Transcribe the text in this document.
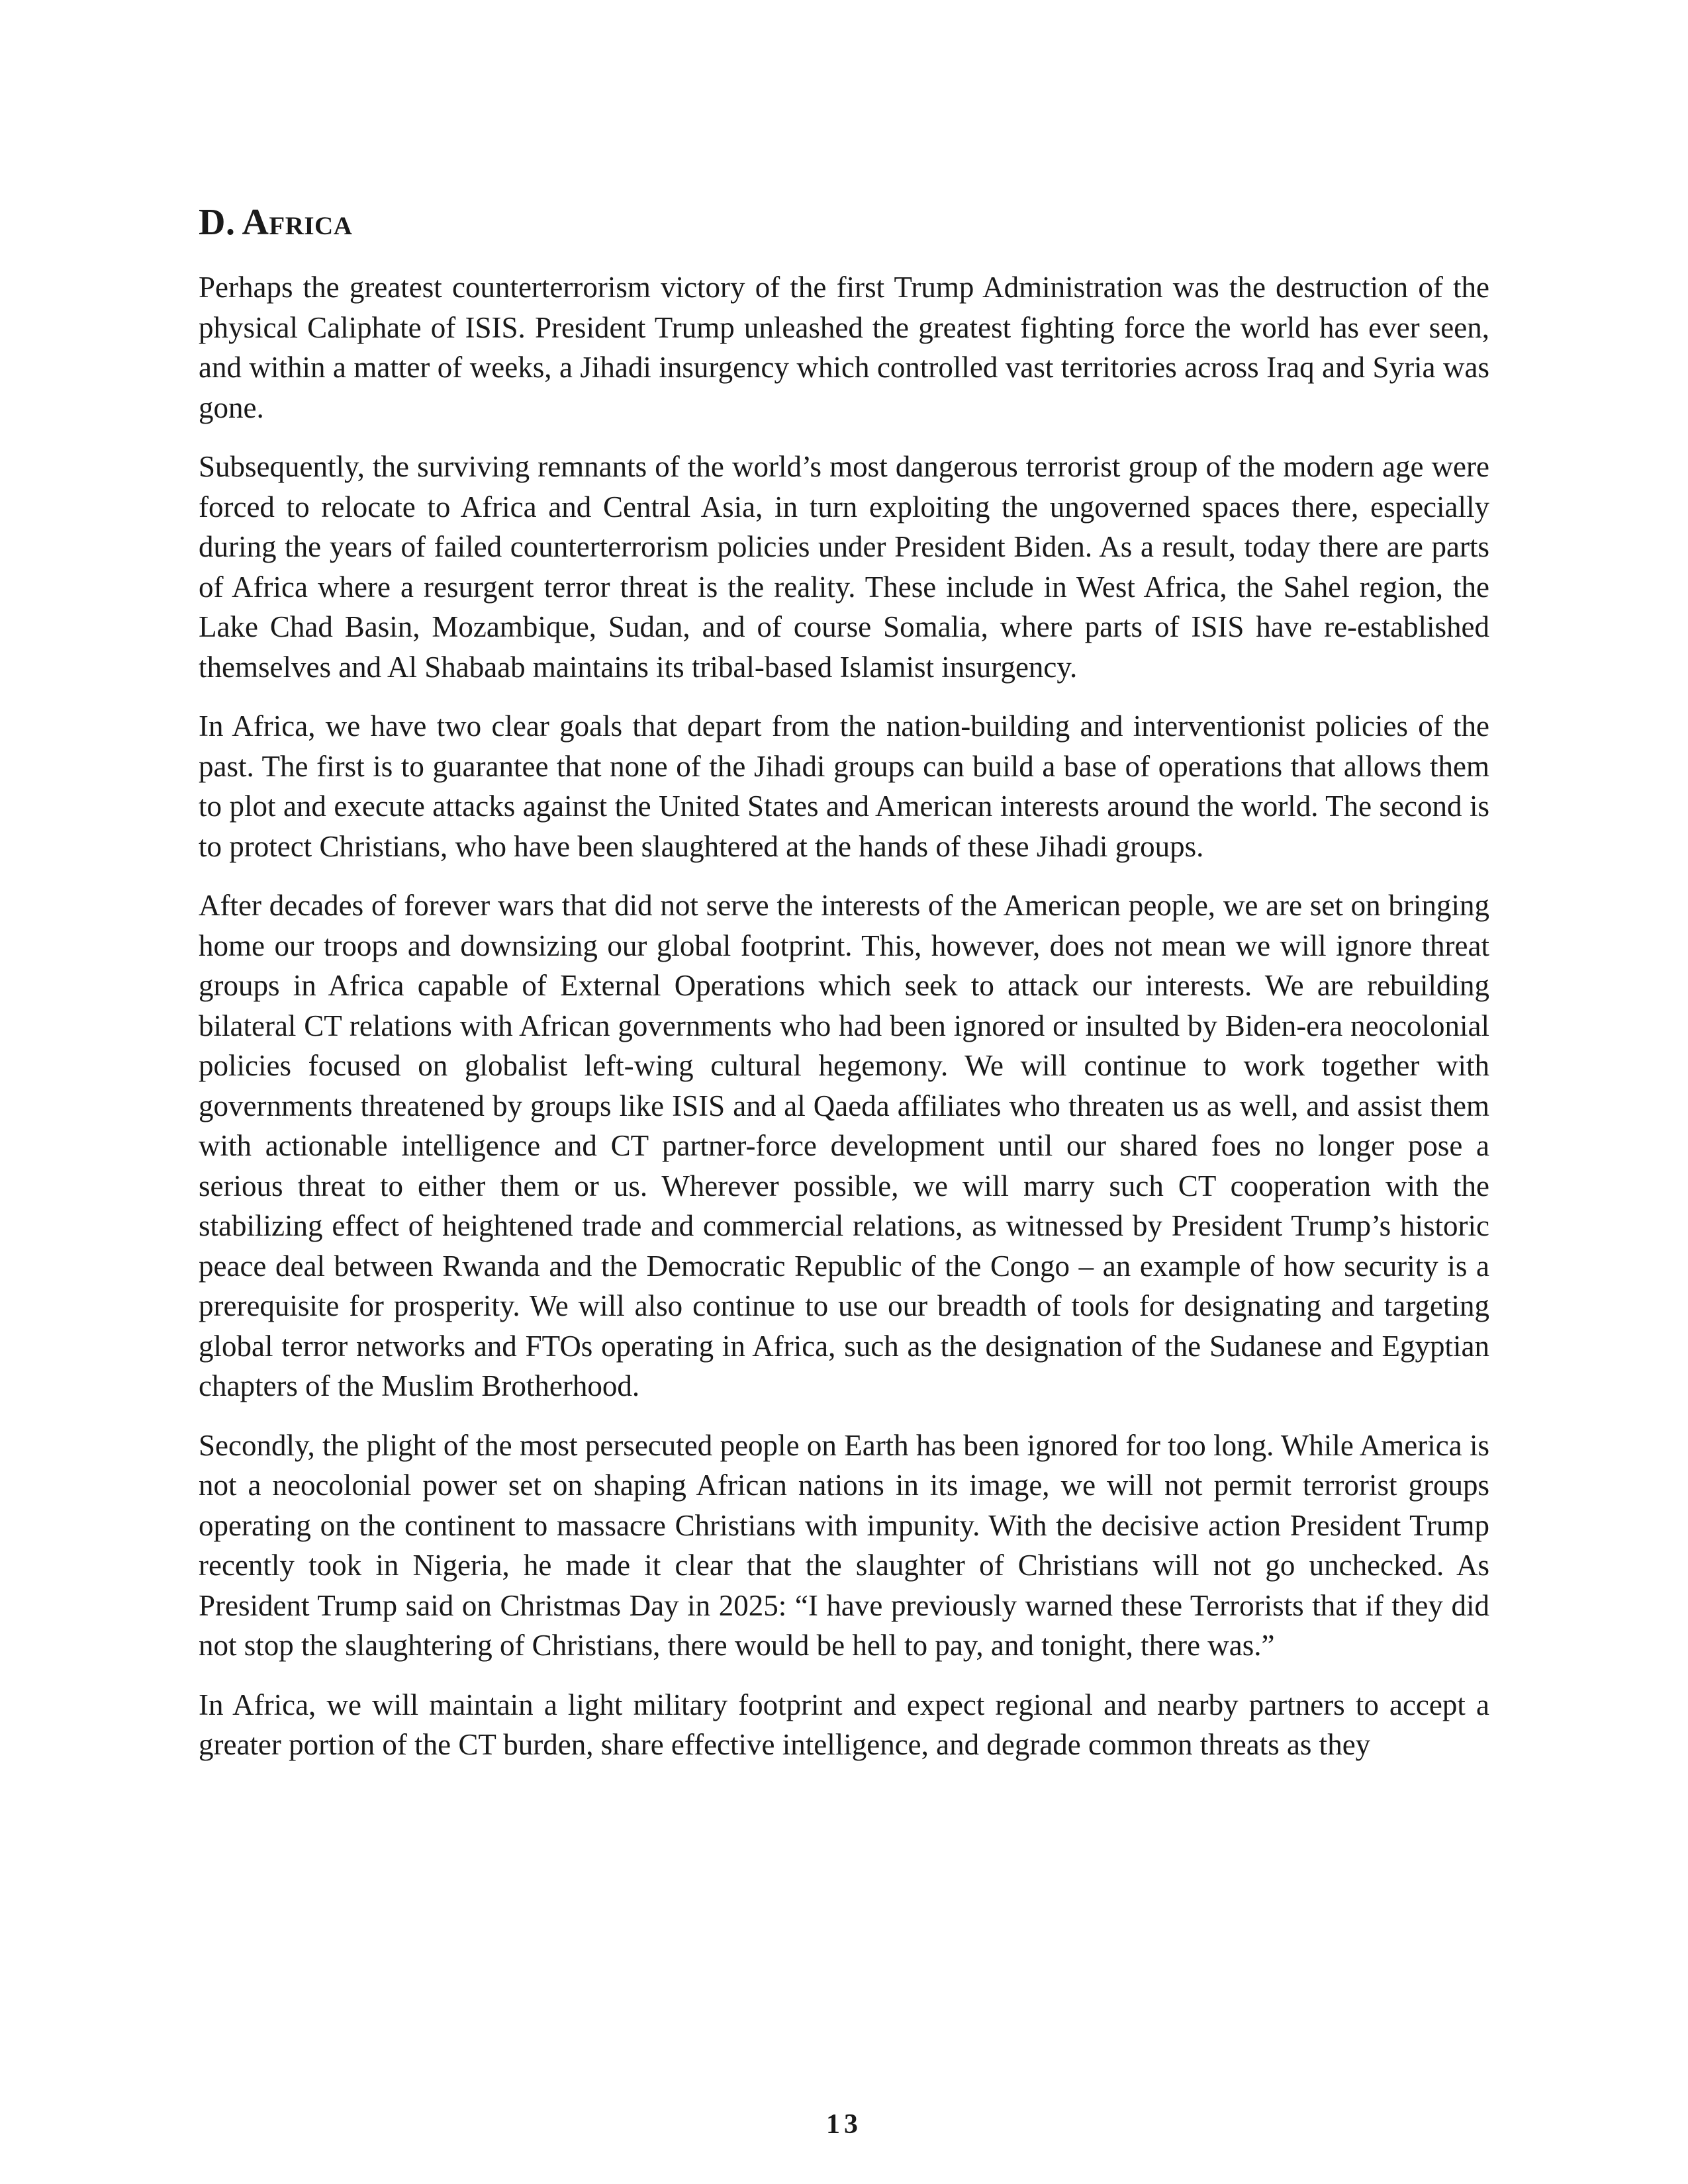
D. Africa

Perhaps the greatest counterterrorism victory of the first Trump Administration was the destruction of the physical Caliphate of ISIS. President Trump unleashed the greatest fighting force the world has ever seen, and within a matter of weeks, a Jihadi insurgency which controlled vast territories across Iraq and Syria was gone.

Subsequently, the surviving remnants of the world’s most dangerous terrorist group of the modern age were forced to relocate to Africa and Central Asia, in turn exploiting the ungoverned spaces there, especially during the years of failed counterterrorism policies under President Biden. As a result, today there are parts of Africa where a resurgent terror threat is the reality. These include in West Africa, the Sahel region, the Lake Chad Basin, Mozambique, Sudan, and of course Somalia, where parts of ISIS have re-established themselves and Al Shabaab maintains its tribal-based Islamist insurgency.

In Africa, we have two clear goals that depart from the nation-building and interventionist policies of the past. The first is to guarantee that none of the Jihadi groups can build a base of operations that allows them to plot and execute attacks against the United States and American interests around the world. The second is to protect Christians, who have been slaughtered at the hands of these Jihadi groups.

After decades of forever wars that did not serve the interests of the American people, we are set on bringing home our troops and downsizing our global footprint. This, however, does not mean we will ignore threat groups in Africa capable of External Operations which seek to attack our interests. We are rebuilding bilateral CT relations with African governments who had been ignored or insulted by Biden-era neocolonial policies focused on globalist left-wing cultural hegemony. We will continue to work together with governments threatened by groups like ISIS and al Qaeda affiliates who threaten us as well, and assist them with actionable intelligence and CT partner-force development until our shared foes no longer pose a serious threat to either them or us. Wherever possible, we will marry such CT cooperation with the stabilizing effect of heightened trade and commercial relations, as witnessed by President Trump’s historic peace deal between Rwanda and the Democratic Republic of the Congo – an example of how security is a prerequisite for prosperity. We will also continue to use our breadth of tools for designating and targeting global terror networks and FTOs operating in Africa, such as the designation of the Sudanese and Egyptian chapters of the Muslim Brotherhood.

Secondly, the plight of the most persecuted people on Earth has been ignored for too long. While America is not a neocolonial power set on shaping African nations in its image, we will not permit terrorist groups operating on the continent to massacre Christians with impunity. With the decisive action President Trump recently took in Nigeria, he made it clear that the slaughter of Christians will not go unchecked. As President Trump said on Christmas Day in 2025: “I have previously warned these Terrorists that if they did not stop the slaughtering of Christians, there would be hell to pay, and tonight, there was.”

In Africa, we will maintain a light military footprint and expect regional and nearby partners to accept a greater portion of the CT burden, share effective intelligence, and degrade common threats as they

13
